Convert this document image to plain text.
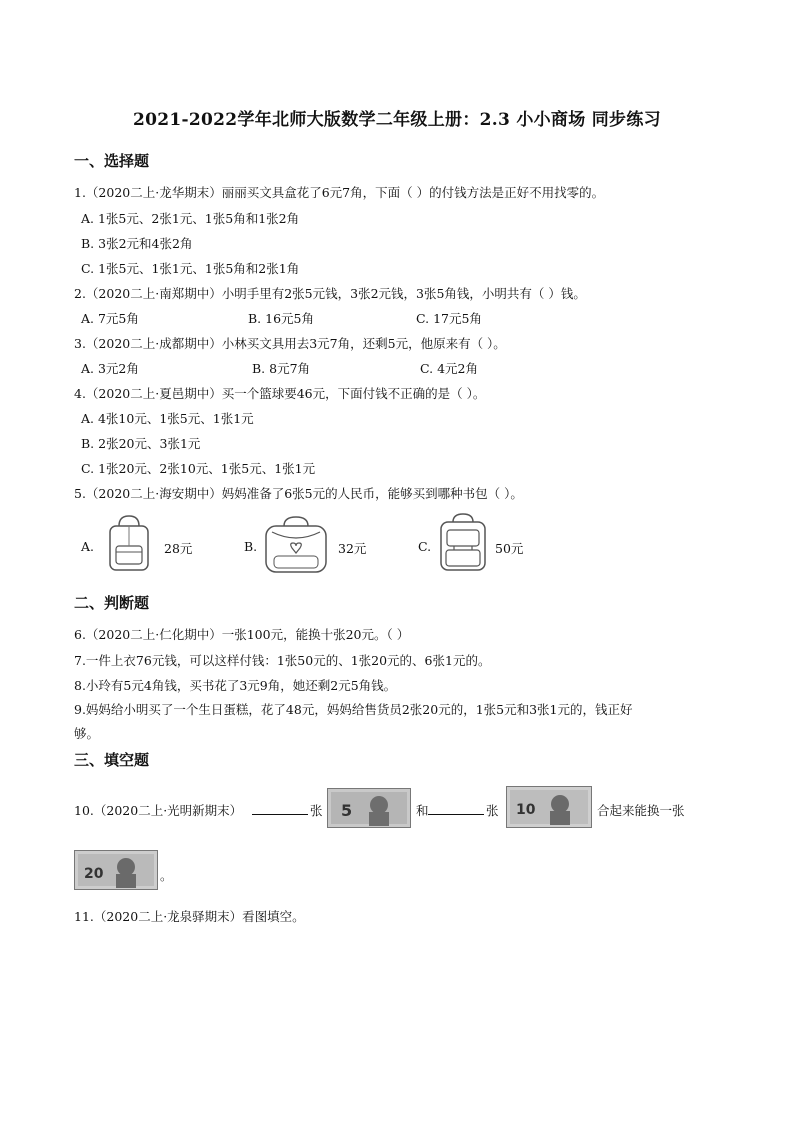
2021-2022学年北师大版数学二年级上册：2.3 小小商场 同步练习
一、选择题
1.（2020二上·龙华期末）丽丽买文具盒花了6元7角，下面（ ）的付钱方法是正好不用找零的。
A. 1张5元、2张1元、1张5角和1张2角
B. 3张2元和4张2角
C. 1张5元、1张1元、1张5角和2张1角
2.（2020二上·南郑期中）小明手里有2张5元钱，3张2元钱，3张5角钱，小明共有（ ）钱。
A. 7元5角	B. 16元5角	C. 17元5角
3.（2020二上·成都期中）小林买文具用去3元7角，还剩5元，他原来有（ ）。
A. 3元2角	B. 8元7角	C. 4元2角
4.（2020二上·夏邑期中）买一个篮球要46元，下面付钱不正确的是（ ）。
A. 4张10元、1张5元、1张1元
B. 2张20元、3张1元
C. 1张20元、2张10元、1张5元、1张1元
5.（2020二上·海安期中）妈妈准备了6张5元的人民币，能够买到哪种书包（ ）。
A.	28元	B.	32元	C.	50元
二、判断题
6.（2020二上·仁化期中）一张100元，能换十张20元。（ ）
7.一件上衣76元钱，可以这样付钱：1张50元的、1张20元的、6张1元的。
8.小玲有5元4角钱，买书花了3元9角，她还剩2元5角钱。
9.妈妈给小明买了一个生日蛋糕，花了48元，妈妈给售货员2张20元的，1张5元和3张1元的，钱正好
够。
三、填空题
10.（2020二上·光明新期末）	张 5	和	张 10	合起来能换一张
20	。
11.（2020二上·龙泉驿期末）看图填空。
